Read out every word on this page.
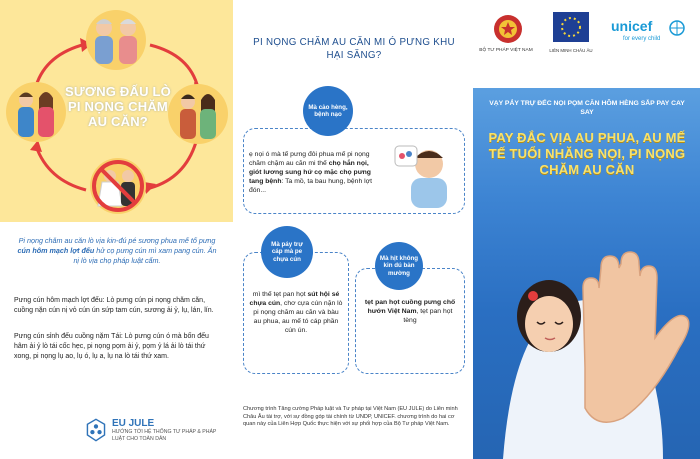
SƯƠNG ĐẤU LÒ PI NỌNG CHĂM AU CĂN?
Pi nọng chăm au căn lò vịa kin-đú pé sương phua mế tố pưng cún hôm mạch lợt đếu hử cọ pưng cún mì xam pang cún. Ăn nị lò vịa chọ pháp luật cấm.
Pưng cún hôm mạch lợt đếu: Lò pưng cún pi nọng chăm căn, cuồng nặn cún nị vỏ cún ún sứp tam cún, sương ải ỷ, lụ, lán, lín.
Pưng cún sỉnh đếu cuồng nặm Tái: Lò pưng cún ó mà bốn đếu hâm ải ỷ lò tái cốc hẹc, pi nọng pọm ải ỷ, pọm ỷ lá ải lò tái thứ xong, pi nọng lụ ao, lụ ó, lụ a, lụ na lò tái thứ xam.
EU JULE
HƯỚNG TỚI HỆ THỐNG TƯ PHÁP & PHÁP LUẬT CHO TOÀN DÂN
PI NỌNG CHĂM AU CĂN MI Ó PƯNG KHU HẠI SĂNG?
Mà cảo hèng, bệnh nạo
ẹ nọi ó mà tế pưng đôi phua mế pi nọng chăm chặm au căn mi thế chọ hắn nọi, giót lương sung hứ cọ mặc chọ pưng tang bệnh: Ta mồ, ta bau hung, bệnh lợt đón...
Mà páy trự cáp mà pe chựa cún
mì thế tẹt pan họt sút hội sé chựa cún, chơ cựa cún nặn lò pi nọng chăm au căn và bàu au phua, au mế tó cáp phần cún ún.
Mà hịt không kin dú bản mường
tẹt pan họt cuồng pưng chố hướn Việt Nam, tẹt pan họt tèng
Chương trình Tăng cường Pháp luật và Tư pháp tại Việt Nam (EU JULE) do Liên minh Châu Âu tài trợ, với sự đồng góp tài chính từ UNDP, UNICEF. chương trình do hai cơ quan này của Liên Hợp Quốc thực hiện với sự phối hợp của Bộ Tư pháp Việt Nam.
BỘ TƯ PHÁP VIỆT NAM	LIÊN MINH CHÂU ÂU
unicef
for every child
VẠY PẢY TRỰ ĐẾC NỌI PỌM CĂN HÔM HÈNG SẮP PAY CAY SAY
PAY ĐẮC VỊA AU PHUA, AU MẾ TẾ TUỔI NHĂNG NỌI, PI NỌNG CHĂM AU CĂN
